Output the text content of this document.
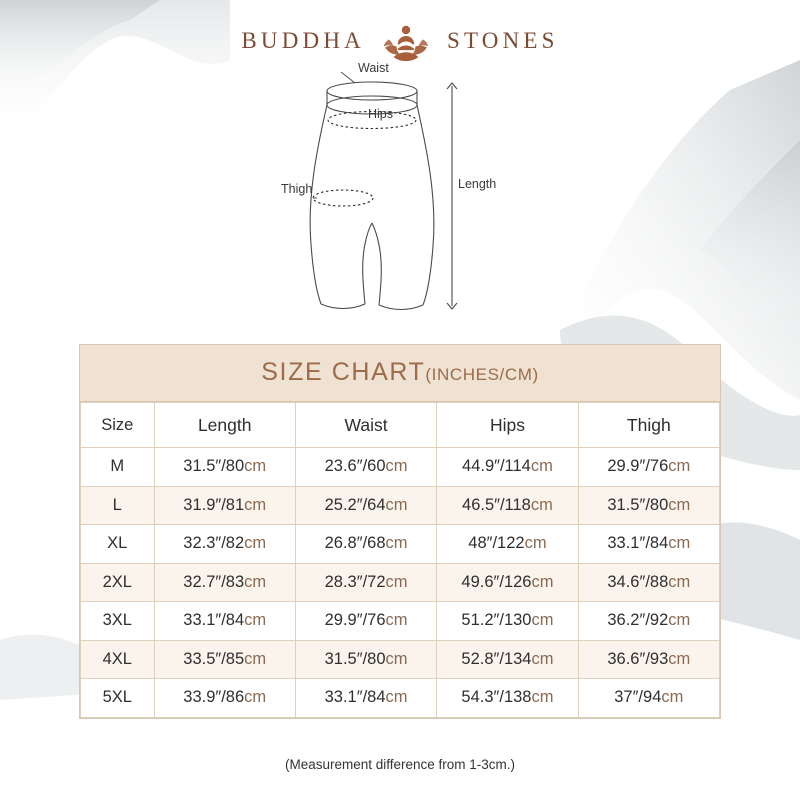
BUDDHA	STONES
Waist
Hips
Thigh	Length
SIZE CHART(INCHES/CM)
Size	Length	Waist	Hips	Thigh
M	31.5″/80cm	23.6″/60cm	44.9″/114cm	29.9″/76cm
L	31.9″/81cm	25.2″/64cm	46.5″/118cm	31.5″/80cm
XL	32.3″/82cm	26.8″/68cm	48″/122cm	33.1″/84cm
2XL	32.7″/83cm	28.3″/72cm	49.6″/126cm	34.6″/88cm
3XL	33.1″/84cm	29.9″/76cm	51.2″/130cm	36.2″/92cm
4XL	33.5″/85cm	31.5″/80cm	52.8″/134cm	36.6″/93cm
5XL	33.9″/86cm	33.1″/84cm	54.3″/138cm	37″/94cm
(Measurement difference from 1-3cm.)
